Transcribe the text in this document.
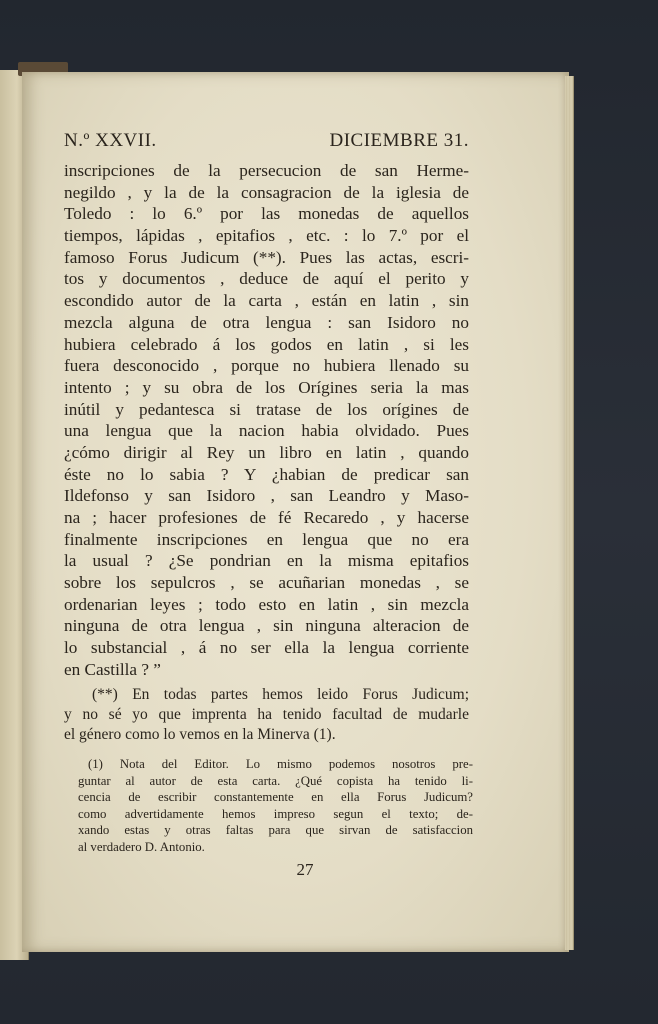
N.º XXVII.	DICIEMBRE 31.
inscripciones de la persecucion de san Herme-
negildo , y la de la consagracion de la iglesia de
Toledo : lo 6.º por las monedas de aquellos
tiempos, lápidas , epitafios , etc. : lo 7.º por el
famoso Forus Judicum (**). Pues las actas, escri-
tos y documentos , deduce de aquí el perito y
escondido autor de la carta , están en latin , sin
mezcla alguna de otra lengua : san Isidoro no
hubiera celebrado á los godos en latin , si les
fuera desconocido , porque no hubiera llenado su
intento ; y su obra de los Orígines seria la mas
inútil y pedantesca si tratase de los orígines de
una lengua que la nacion habia olvidado. Pues
¿cómo dirigir al Rey un libro en latin , quando
éste no lo sabia ? Y ¿habian de predicar san
Ildefonso y san Isidoro , san Leandro y Maso-
na ; hacer profesiones de fé Recaredo , y hacerse
finalmente inscripciones en lengua que no era
la usual ? ¿Se pondrian en la misma epitafios
sobre los sepulcros , se acuñarian monedas , se
ordenarian leyes ; todo esto en latin , sin mezcla
ninguna de otra lengua , sin ninguna alteracion de
lo substancial , á no ser ella la lengua corriente
en Castilla ? ”
(**) En todas partes hemos leido Forus Judicum;
y no sé yo que imprenta ha tenido facultad de mudarle
el género como lo vemos en la Minerva (1).
(1) Nota del Editor. Lo mismo podemos nosotros pre-
guntar al autor de esta carta. ¿Qué copista ha tenido li-
cencia de escribir constantemente en ella Forus Judicum?
como advertidamente hemos impreso segun el texto; de-
xando estas y otras faltas para que sirvan de satisfaccion
al verdadero D. Antonio.
27
